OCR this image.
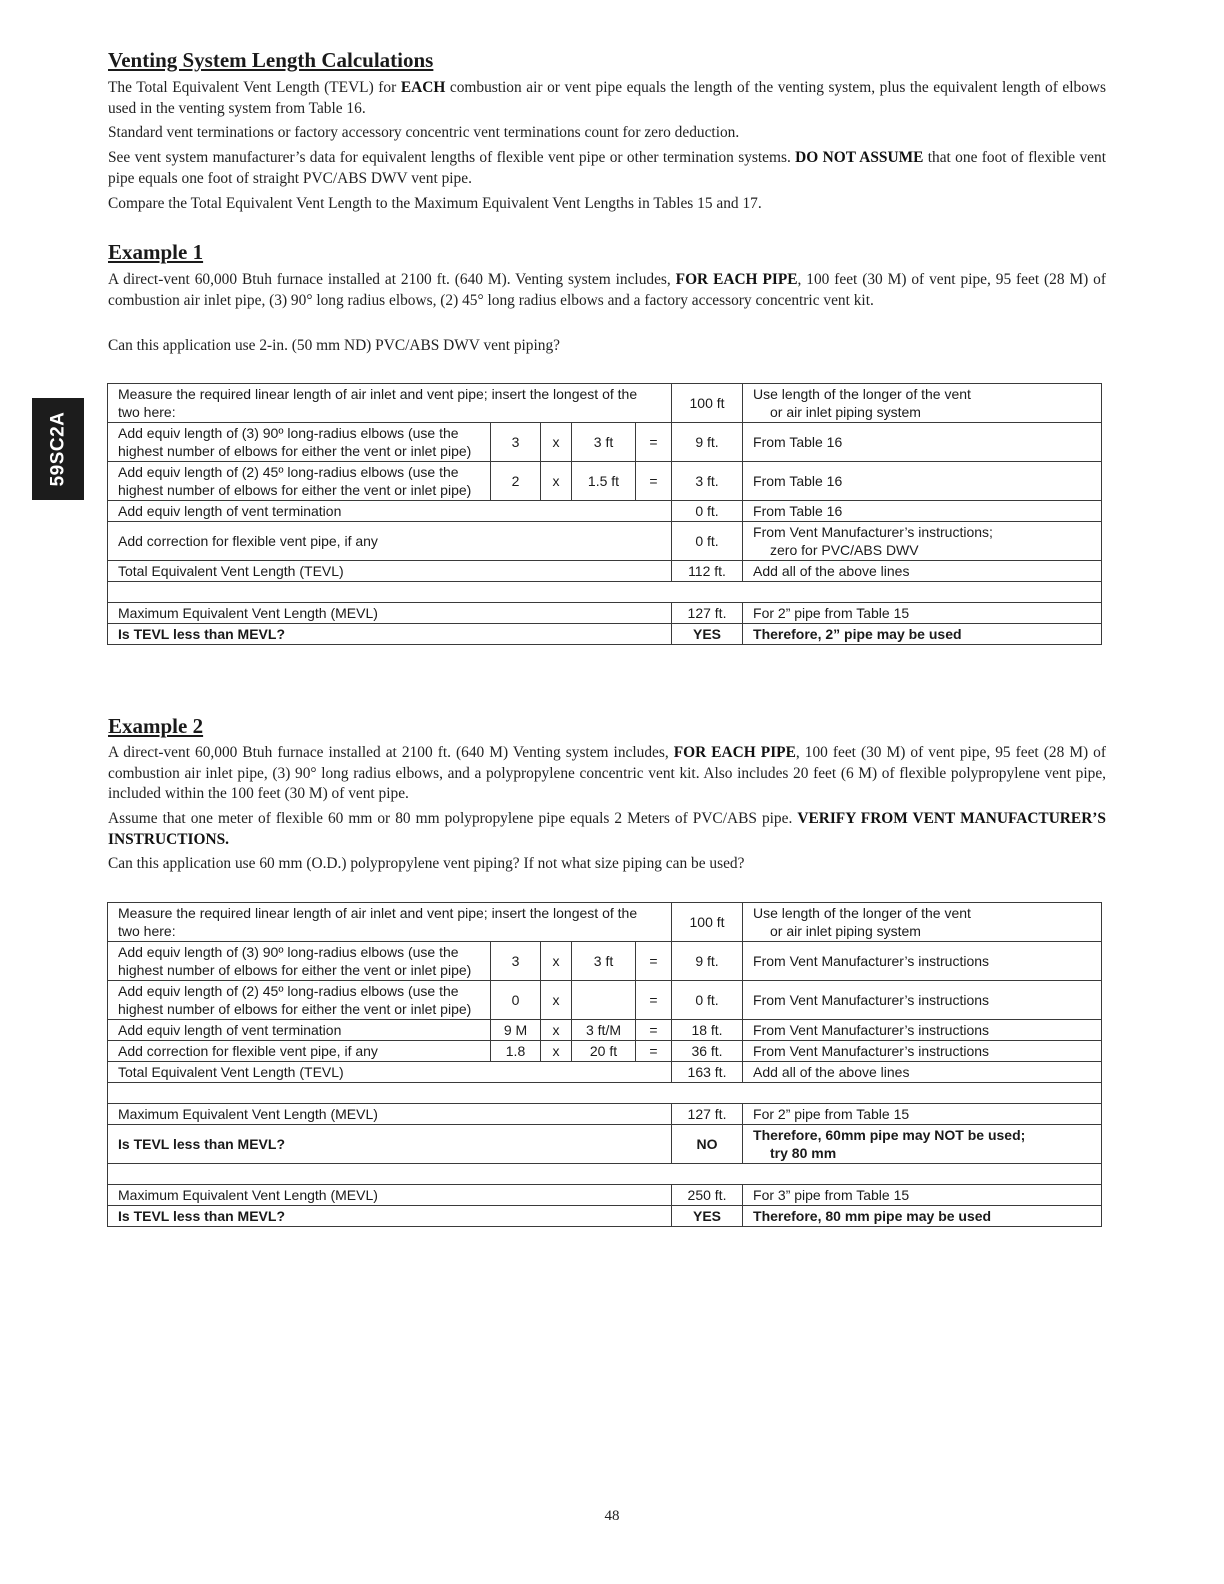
59SC2A
Venting System Length Calculations

The Total Equivalent Vent Length (TEVL) for EACH combustion air or vent pipe equals the length of the venting system, plus the equivalent length of elbows used in the venting system from Table 16.

Standard vent terminations or factory accessory concentric vent terminations count for zero deduction.

See vent system manufacturer’s data for equivalent lengths of flexible vent pipe or other termination systems. DO NOT ASSUME that one foot of flexible vent pipe equals one foot of straight PVC/ABS DWV vent pipe.

Compare the Total Equivalent Vent Length to the Maximum Equivalent Vent Lengths in Tables 15 and 17.

Example 1

A direct-vent 60,000 Btuh furnace installed at 2100 ft. (640 M). Venting system includes, FOR EACH PIPE, 100 feet (30 M) of vent pipe, 95 feet (28 M) of combustion air inlet pipe, (3) 90° long radius elbows, (2) 45° long radius elbows and a factory accessory concentric vent kit.

Can this application use 2-in. (50 mm ND) PVC/ABS DWV vent piping?

Measure the required linear length of air inlet and vent pipe; insert the longest of the two here:					100 ft	Use length of the longer of the vent
or air inlet piping system
Add equiv length of (3) 90º long-radius elbows (use the highest number of elbows for either the vent or inlet pipe)	3	x	3 ft	=	9 ft.	From Table 16
Add equiv length of (2) 45º long-radius elbows (use the highest number of elbows for either the vent or inlet pipe)	2	x	1.5 ft	=	3 ft.	From Table 16
Add equiv length of vent termination					0 ft.	From Table 16
Add correction for flexible vent pipe, if any					0 ft.	From Vent Manufacturer’s instructions;
zero for PVC/ABS DWV
Total Equivalent Vent Length (TEVL)					112 ft.	Add all of the above lines

Maximum Equivalent Vent Length (MEVL)					127 ft.	For 2” pipe from Table 15
Is TEVL less than MEVL?					YES	Therefore, 2” pipe may be used
Example 2

A direct-vent 60,000 Btuh furnace installed at 2100 ft. (640 M) Venting system includes, FOR EACH PIPE, 100 feet (30 M) of vent pipe, 95 feet (28 M) of combustion air inlet pipe, (3) 90° long radius elbows, and a polypropylene concentric vent kit. Also includes 20 feet (6 M) of flexible polypropylene vent pipe, included within the 100 feet (30 M) of vent pipe.

Assume that one meter of flexible 60 mm or 80 mm polypropylene pipe equals 2 Meters of PVC/ABS pipe. VERIFY FROM VENT MANUFACTURER’S INSTRUCTIONS.

Can this application use 60 mm (O.D.) polypropylene vent piping? If not what size piping can be used?

Measure the required linear length of air inlet and vent pipe; insert the longest of the two here:					100 ft	Use length of the longer of the vent
or air inlet piping system
Add equiv length of (3) 90º long-radius elbows (use the highest number of elbows for either the vent or inlet pipe)	3	x	3 ft	=	9 ft.	From Vent Manufacturer’s instructions
Add equiv length of (2) 45º long-radius elbows (use the highest number of elbows for either the vent or inlet pipe)	0	x		=	0 ft.	From Vent Manufacturer’s instructions
Add equiv length of vent termination	9 M	x	3 ft/M	=	18 ft.	From Vent Manufacturer’s instructions
Add correction for flexible vent pipe, if any	1.8	x	20 ft	=	36 ft.	From Vent Manufacturer’s instructions
Total Equivalent Vent Length (TEVL)					163 ft.	Add all of the above lines

Maximum Equivalent Vent Length (MEVL)					127 ft.	For 2” pipe from Table 15
Is TEVL less than MEVL?					NO	Therefore, 60mm pipe may NOT be used;
try 80 mm

Maximum Equivalent Vent Length (MEVL)					250 ft.	For 3” pipe from Table 15
Is TEVL less than MEVL?					YES	Therefore, 80 mm pipe may be used
48
